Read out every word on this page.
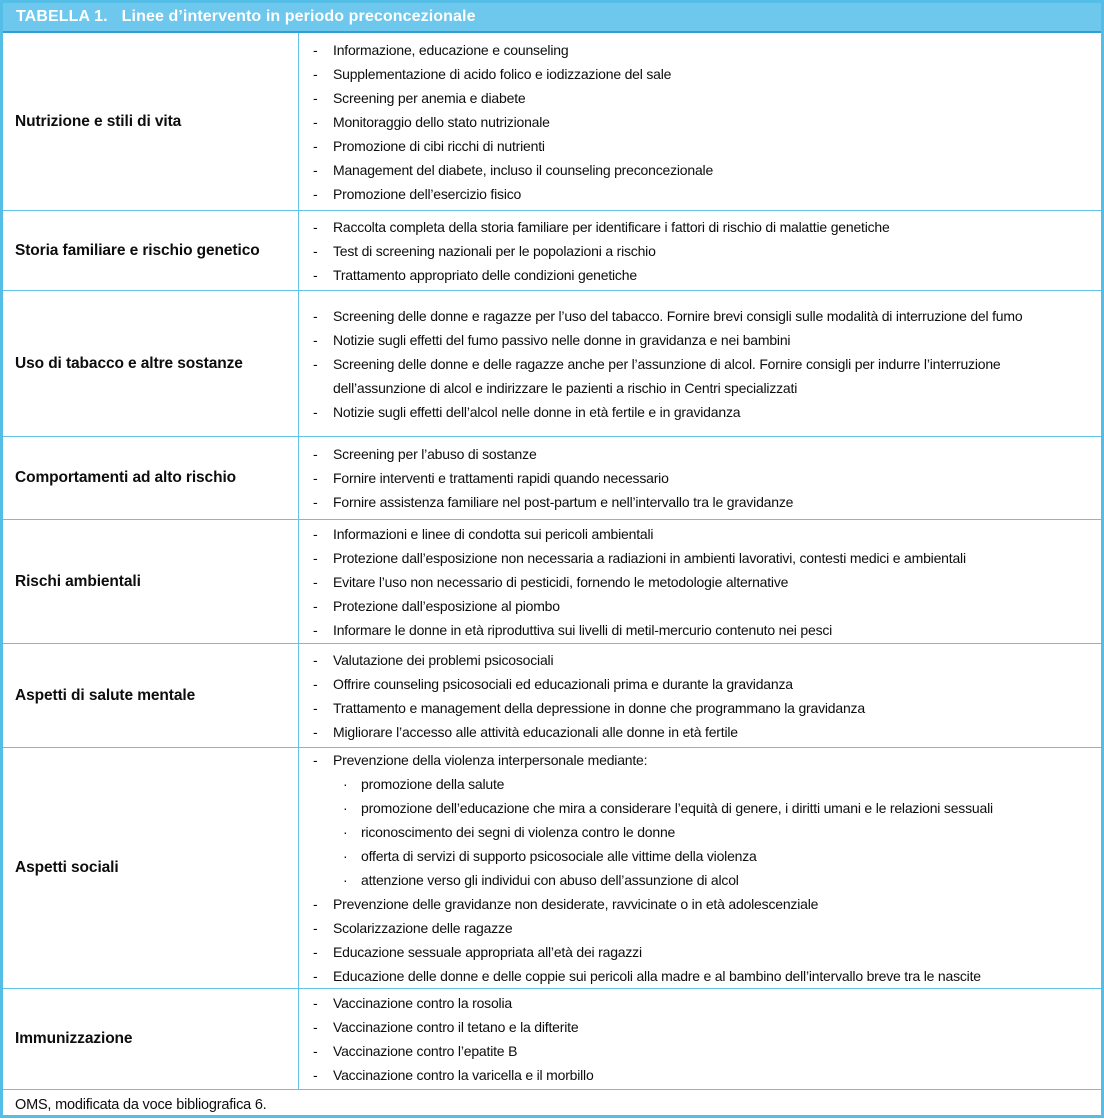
TABELLA 1. Linee d’intervento in periodo preconcezionale
Nutrizione e stili di vita
-	Informazione, educazione e counseling
-	Supplementazione di acido folico e iodizzazione del sale
-	Screening per anemia e diabete
-	Monitoraggio dello stato nutrizionale
-	Promozione di cibi ricchi di nutrienti
-	Management del diabete, incluso il counseling preconcezionale
-	Promozione dell’esercizio fisico
Storia familiare e rischio genetico
-	Raccolta completa della storia familiare per identificare i fattori di rischio di malattie genetiche
-	Test di screening nazionali per le popolazioni a rischio
-	Trattamento appropriato delle condizioni genetiche
Uso di tabacco e altre sostanze
-	Screening delle donne e ragazze per l’uso del tabacco. Fornire brevi consigli sulle modalità di interruzione del fumo
-	Notizie sugli effetti del fumo passivo nelle donne in gravidanza e nei bambini
-	Screening delle donne e delle ragazze anche per l’assunzione di alcol. Fornire consigli per indurre l’interruzione dell’assunzione di alcol e indirizzare le pazienti a rischio in Centri specializzati
-	Notizie sugli effetti dell’alcol nelle donne in età fertile e in gravidanza
Comportamenti ad alto rischio
-	Screening per l’abuso di sostanze
-	Fornire interventi e trattamenti rapidi quando necessario
-	Fornire assistenza familiare nel post-partum e nell’intervallo tra le gravidanze
Rischi ambientali
-	Informazioni e linee di condotta sui pericoli ambientali
-	Protezione dall’esposizione non necessaria a radiazioni in ambienti lavorativi, contesti medici e ambientali
-	Evitare l’uso non necessario di pesticidi, fornendo le metodologie alternative
-	Protezione dall’esposizione al piombo
-	Informare le donne in età riproduttiva sui livelli di metil-mercurio contenuto nei pesci
Aspetti di salute mentale
-	Valutazione dei problemi psicosociali
-	Offrire counseling psicosociali ed educazionali prima e durante la gravidanza
-	Trattamento e management della depressione in donne che programmano la gravidanza
-	Migliorare l’accesso alle attività educazionali alle donne in età fertile
Aspetti sociali
-	Prevenzione della violenza interpersonale mediante:
· promozione della salute
· promozione dell’educazione che mira a considerare l’equità di genere, i diritti umani e le relazioni sessuali
· riconoscimento dei segni di violenza contro le donne
· offerta di servizi di supporto psicosociale alle vittime della violenza
· attenzione verso gli individui con abuso dell’assunzione di alcol
-	Prevenzione delle gravidanze non desiderate, ravvicinate o in età adolescenziale
-	Scolarizzazione delle ragazze
-	Educazione sessuale appropriata all’età dei ragazzi
-	Educazione delle donne e delle coppie sui pericoli alla madre e al bambino dell’intervallo breve tra le nascite
Immunizzazione
-	Vaccinazione contro la rosolia
-	Vaccinazione contro il tetano e la difterite
-	Vaccinazione contro l’epatite B
-	Vaccinazione contro la varicella e il morbillo
OMS, modificata da voce bibliografica 6.
